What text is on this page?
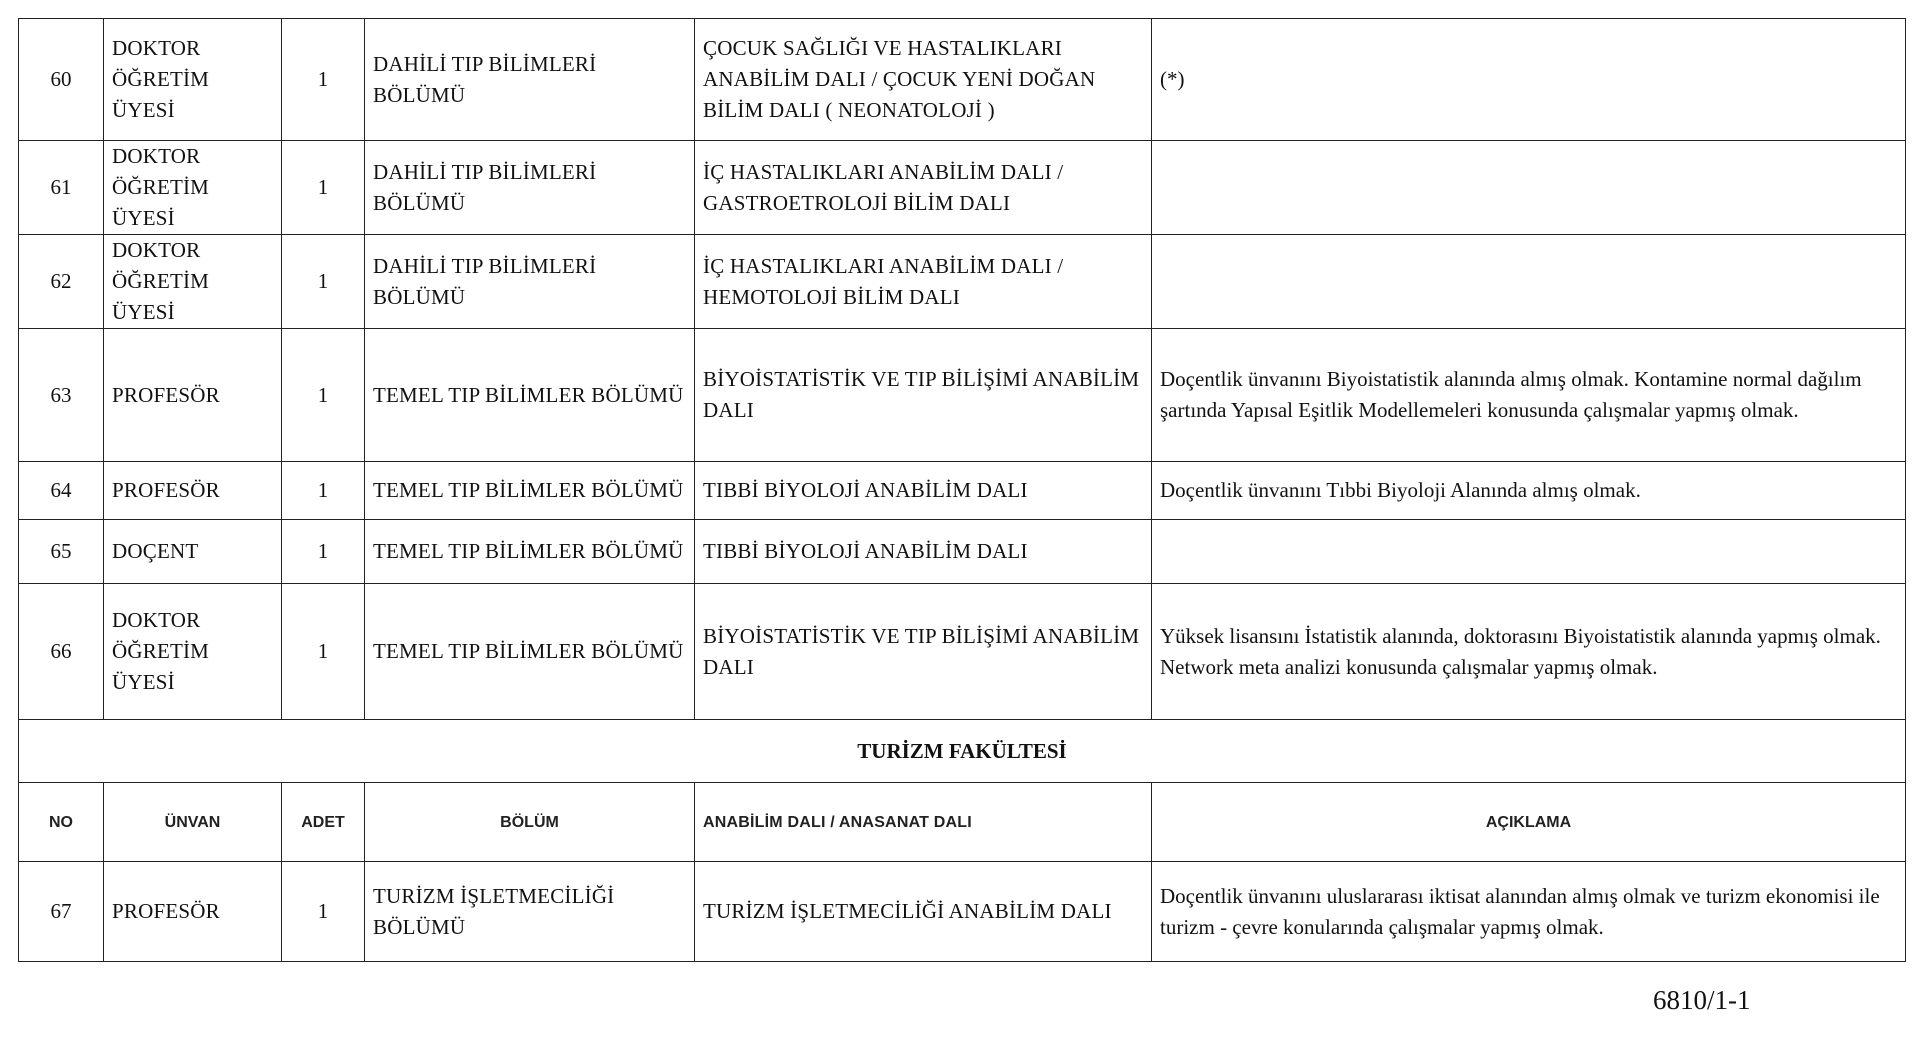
60	DOKTOR ÖĞRETİM ÜYESİ	1	DAHİLİ TIP BİLİMLERİ BÖLÜMÜ	ÇOCUK SAĞLIĞI VE HASTALIKLARI ANABİLİM DALI / ÇOCUK YENİ DOĞAN BİLİM DALI ( NEONATOLOJİ )	(*)
61	DOKTOR ÖĞRETİM ÜYESİ	1	DAHİLİ TIP BİLİMLERİ BÖLÜMÜ	İÇ HASTALIKLARI ANABİLİM DALI / GASTROETROLOJİ BİLİM DALI	
62	DOKTOR ÖĞRETİM ÜYESİ	1	DAHİLİ TIP BİLİMLERİ BÖLÜMÜ	İÇ HASTALIKLARI ANABİLİM DALI / HEMOTOLOJİ BİLİM DALI	
63	PROFESÖR	1	TEMEL TIP BİLİMLER BÖLÜMÜ	BİYOİSTATİSTİK VE TIP BİLİŞİMİ ANABİLİM DALI	Doçentlik ünvanını Biyoistatistik alanında almış olmak. Kontamine normal dağılım şartında Yapısal Eşitlik Modellemeleri konusunda çalışmalar yapmış olmak.
64	PROFESÖR	1	TEMEL TIP BİLİMLER BÖLÜMÜ	TIBBİ BİYOLOJİ ANABİLİM DALI	Doçentlik ünvanını Tıbbi Biyoloji Alanında almış olmak.
65	DOÇENT	1	TEMEL TIP BİLİMLER BÖLÜMÜ	TIBBİ BİYOLOJİ ANABİLİM DALI	
66	DOKTOR ÖĞRETİM ÜYESİ	1	TEMEL TIP BİLİMLER BÖLÜMÜ	BİYOİSTATİSTİK VE TIP BİLİŞİMİ ANABİLİM DALI	Yüksek lisansını İstatistik alanında, doktorasını Biyoistatistik alanında yapmış olmak. Network meta analizi konusunda çalışmalar yapmış olmak.
TURİZM FAKÜLTESİ					
NO	ÜNVAN	ADET	BÖLÜM	ANABİLİM DALI / ANASANAT DALI	AÇIKLAMA
67	PROFESÖR	1	TURİZM İŞLETMECİLİĞİ BÖLÜMÜ	TURİZM İŞLETMECİLİĞİ ANABİLİM DALI	Doçentlik ünvanını uluslararası iktisat alanından almış olmak ve turizm ekonomisi ile turizm - çevre konularında çalışmalar yapmış olmak.
6810/1-1
